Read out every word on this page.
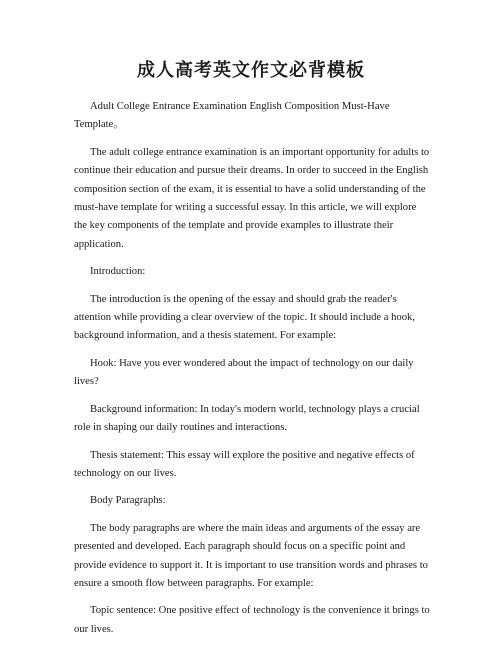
成人高考英文作文必背模板

Adult College Entrance Examination English Composition Must-Have Template。

The adult college entrance examination is an important opportunity for adults to continue their education and pursue their dreams. In order to succeed in the English composition section of the exam, it is essential to have a solid understanding of the must-have template for writing a successful essay. In this article, we will explore the key components of the template and provide examples to illustrate their application.

Introduction:

The introduction is the opening of the essay and should grab the reader's attention while providing a clear overview of the topic. It should include a hook, background information, and a thesis statement. For example:

Hook: Have you ever wondered about the impact of technology on our daily lives?

Background information: In today's modern world, technology plays a crucial role in shaping our daily routines and interactions.

Thesis statement: This essay will explore the positive and negative effects of technology on our lives.

Body Paragraphs:

The body paragraphs are where the main ideas and arguments of the essay are presented and developed. Each paragraph should focus on a specific point and provide evidence to support it. It is important to use transition words and phrases to ensure a smooth flow between paragraphs. For example:

Topic sentence: One positive effect of technology is the convenience it brings to our lives.
